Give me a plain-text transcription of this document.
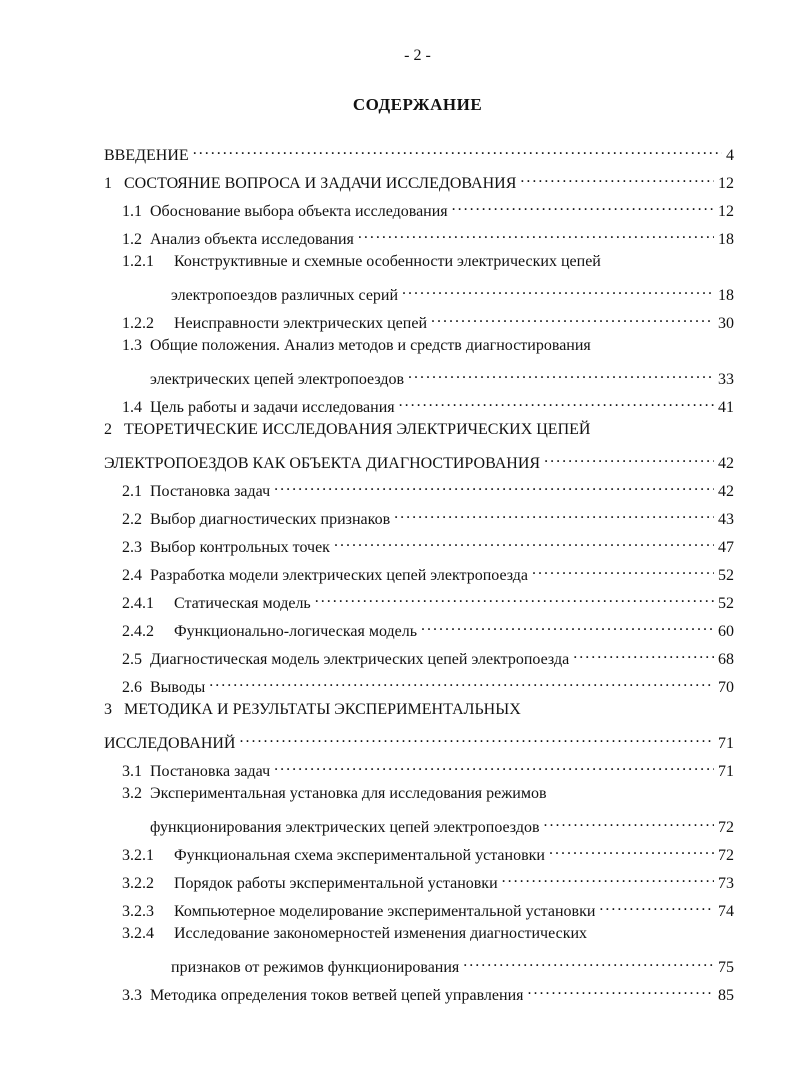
- 2 -
СОДЕРЖАНИЕ
ВВЕДЕНИЕ .....	4
1 СОСТОЯНИЕ ВОПРОСА И ЗАДАЧИ ИССЛЕДОВАНИЯ .....	12
1.1 Обоснование выбора объекта исследования .....	12
1.2 Анализ объекта исследования .....	18
1.2.1 Конструктивные и схемные особенности электрических цепей
электропоездов различных серий .....	18
1.2.2 Неисправности электрических цепей .....	30
1.3 Общие положения. Анализ методов и средств диагностирования
электрических цепей электропоездов .....	33
1.4 Цель работы и задачи исследования .....	41
2 ТЕОРЕТИЧЕСКИЕ ИССЛЕДОВАНИЯ ЭЛЕКТРИЧЕСКИХ ЦЕПЕЙ
ЭЛЕКТРОПОЕЗДОВ КАК ОБЪЕКТА ДИАГНОСТИРОВАНИЯ .....	42
2.1 Постановка задач .....	42
2.2 Выбор диагностических признаков .....	43
2.3 Выбор контрольных точек .....	47
2.4 Разработка модели электрических цепей электропоезда .....	52
2.4.1 Статическая модель .....	52
2.4.2 Функционально-логическая модель .....	60
2.5 Диагностическая модель электрических цепей электропоезда .....	68
2.6 Выводы .....	70
3 МЕТОДИКА И РЕЗУЛЬТАТЫ ЭКСПЕРИМЕНТАЛЬНЫХ
ИССЛЕДОВАНИЙ .....	71
3.1 Постановка задач .....	71
3.2 Экспериментальная установка для исследования режимов
функционирования электрических цепей электропоездов .....	72
3.2.1 Функциональная схема экспериментальной установки .....	72
3.2.2 Порядок работы экспериментальной установки .....	73
3.2.3 Компьютерное моделирование экспериментальной установки .....	74
3.2.4 Исследование закономерностей изменения диагностических
признаков от режимов функционирования .....	75
3.3 Методика определения токов ветвей цепей управления .....	85
